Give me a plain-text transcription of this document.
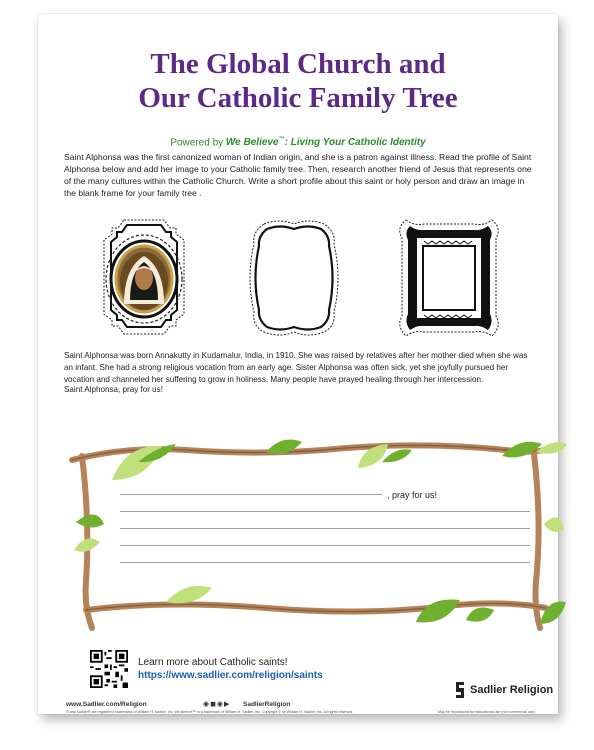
The Global Church and
Our Catholic Family Tree
Powered by We Believe™: Living Your Catholic Identity
Saint Alphonsa was the first canonized woman of Indian origin, and she is a patron against illness. Read the profile of Saint Alphonsa below and add her image to your Catholic family tree. Then, research another friend of Jesus that represents one of the many cultures within the Catholic Church. Write a short profile about this saint or holy person and draw an image in the blank frame for your family tree .
Saint Alphonsa was born Annakutty in Kudamalur, India, in 1910. She was raised by relatives after her mother died when she was an infant. She had a strong religious vocation from an early age. Sister Alphonsa was often sick, yet she joyfully pursued her vocation and channeled her suffering to grow in holiness. Many people have prayed healing through her intercession.
Saint Alphonsa, pray for us!
, pray for us!
Learn more about Catholic saints!
https://www.sadlier.com/religion/saints
Sadlier Religion
www.Sadlier.com/Religion	◉◼◉▶ SadlierReligion
® and Sadlier® are registered trademarks of William H. Sadlier, Inc. We Believe™ is a trademark of William H. Sadlier, Inc. Copyright © by William H. Sadlier, Inc. All rights reserved.	May be reproduced for educational use (not commercial use).
